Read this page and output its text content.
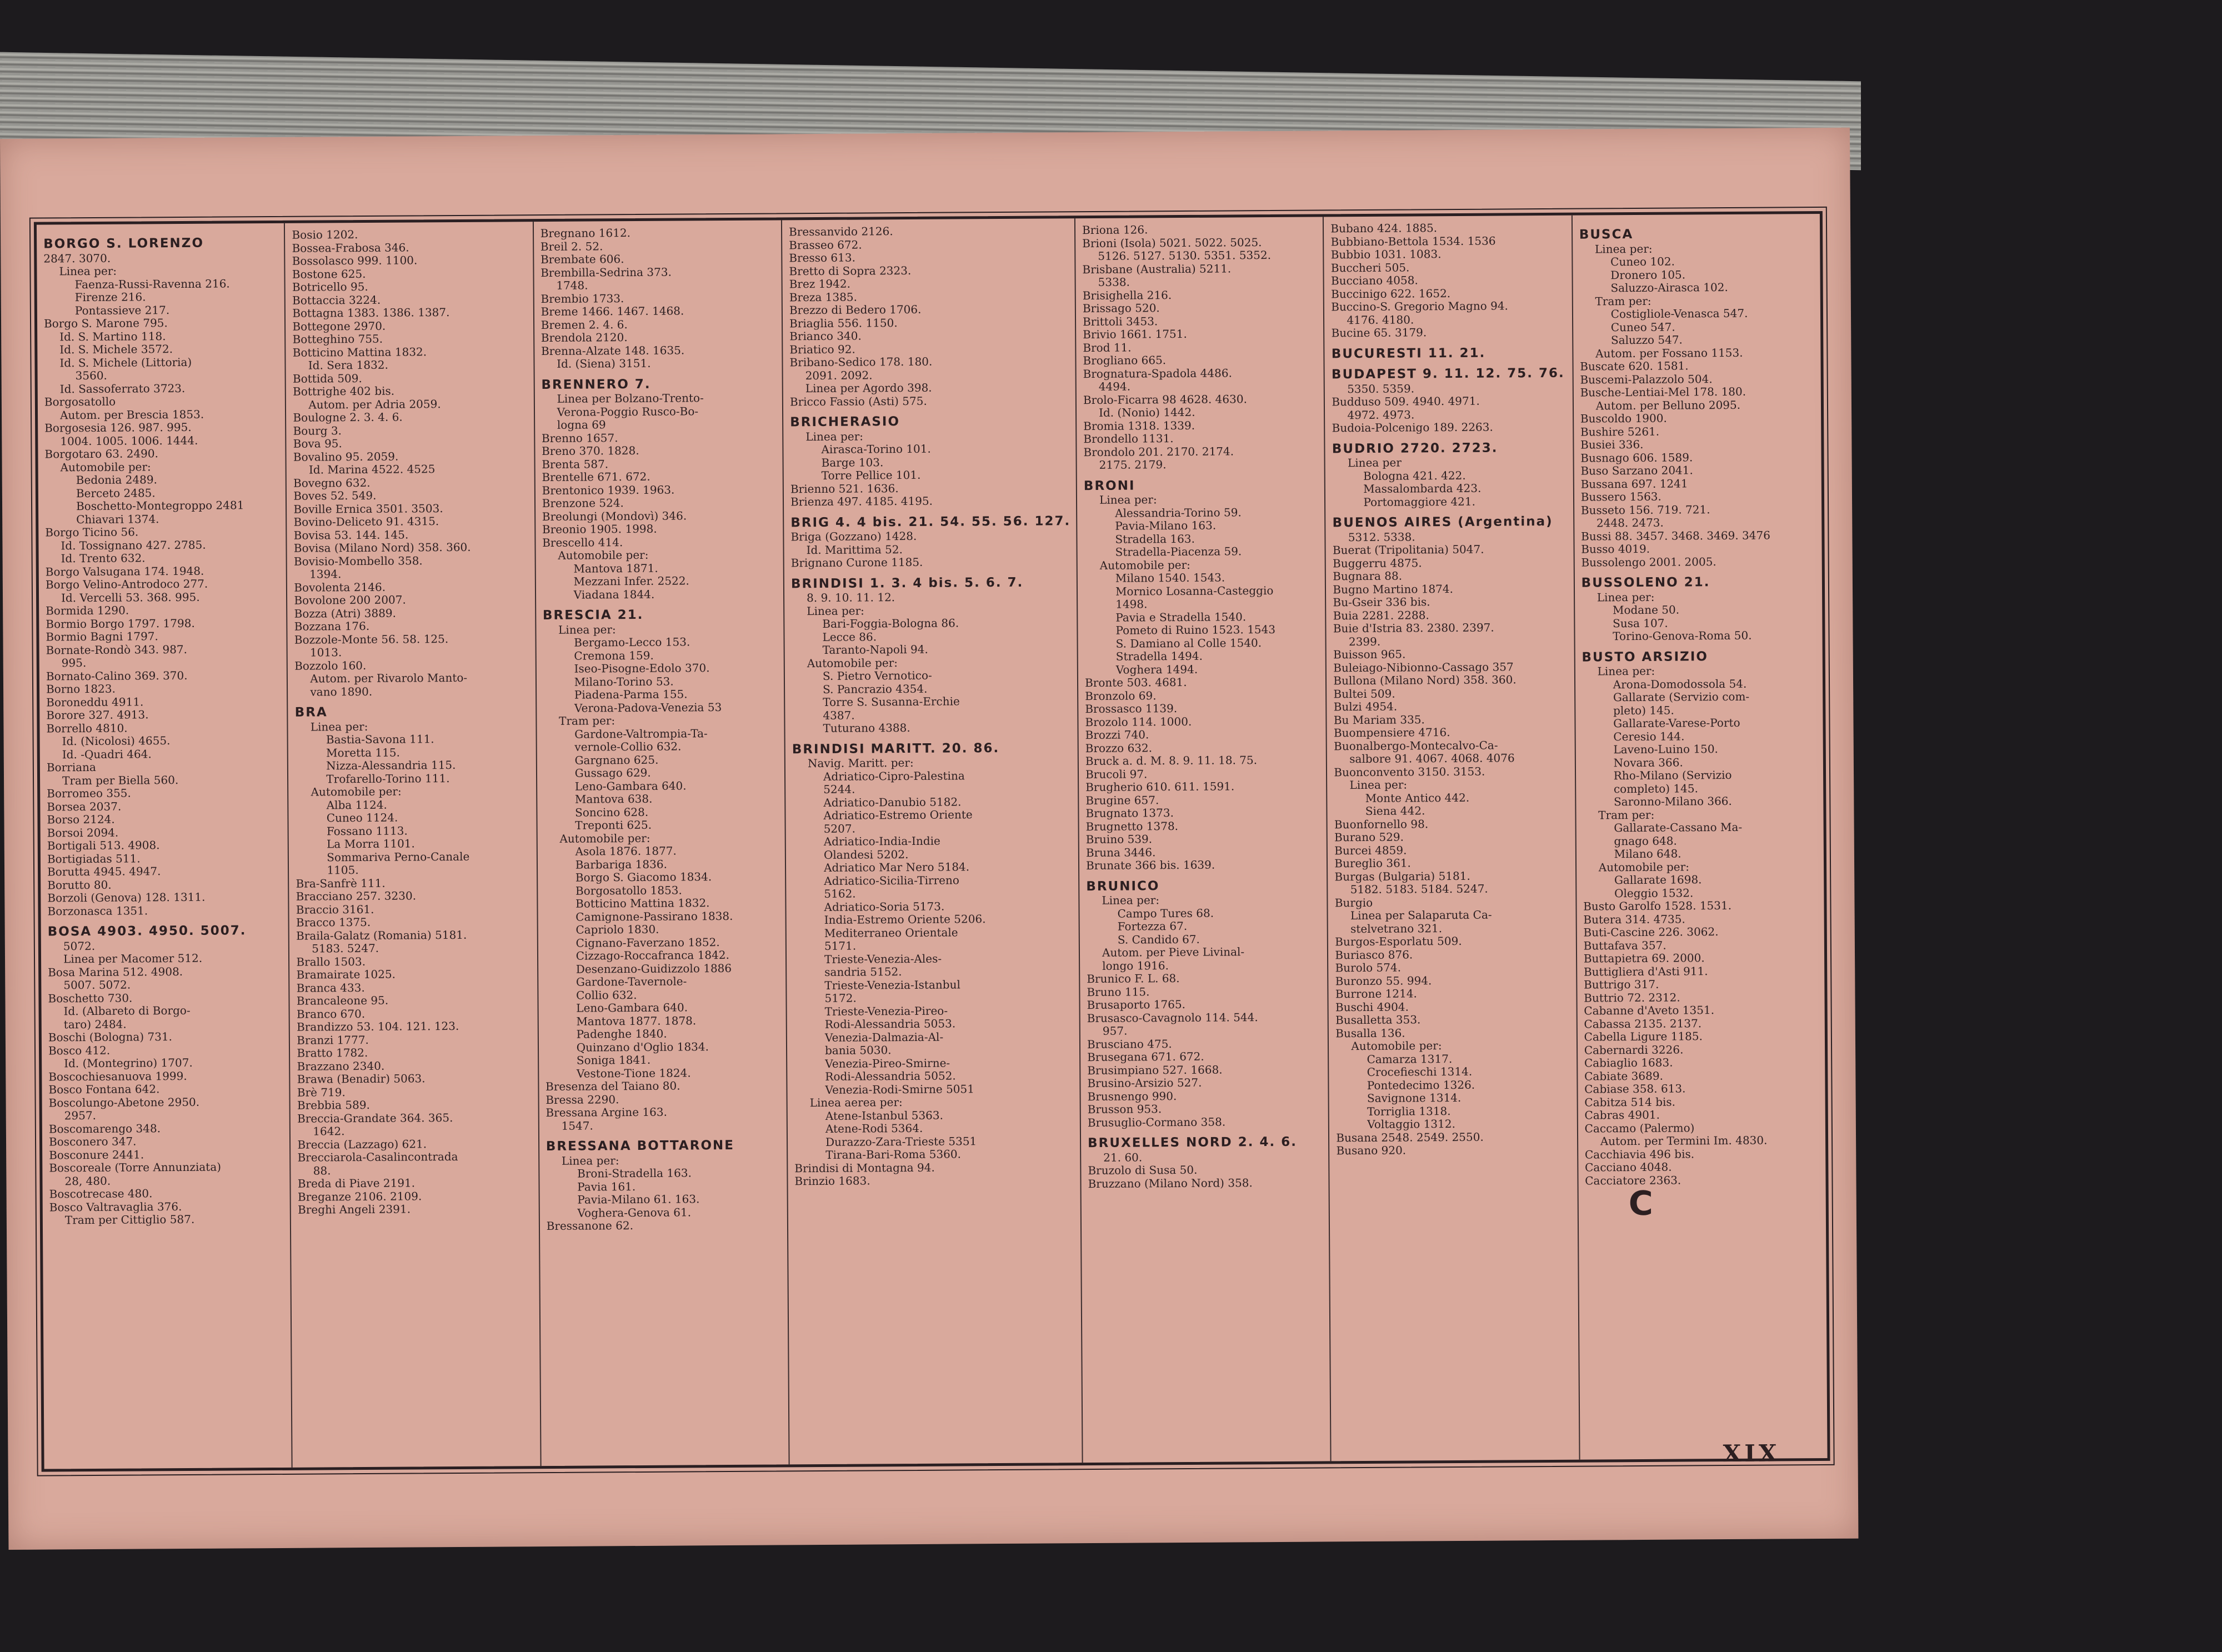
BORGO S. LORENZO
2847. 3070.
Linea per:
Faenza-Russi-Ravenna 216.
Firenze 216.
Pontassieve 217.
Borgo S. Marone 795.
Id. S. Martino 118.
Id. S. Michele 3572.
Id. S. Michele (Littoria)
3560.
Id. Sassoferrato 3723.
Borgosatollo
Autom. per Brescia 1853.
Borgosesia 126. 987. 995.
1004. 1005. 1006. 1444.
Borgotaro 63. 2490.
Automobile per:
Bedonia 2489.
Berceto 2485.
Boschetto-Montegroppo 2481
Chiavari 1374.
Borgo Ticino 56.
Id. Tossignano 427. 2785.
Id. Trento 632.
Borgo Valsugana 174. 1948.
Borgo Velino-Antrodoco 277.
Id. Vercelli 53. 368. 995.
Bormida 1290.
Bormio Borgo 1797. 1798.
Bormio Bagni 1797.
Bornate-Rondò 343. 987.
995.
Bornato-Calino 369. 370.
Borno 1823.
Boroneddu 4911.
Borore 327. 4913.
Borrello 4810.
Id. (Nicolosi) 4655.
Id. -Quadri 464.
Borriana
Tram per Biella 560.
Borromeo 355.
Borsea 2037.
Borso 2124.
Borsoi 2094.
Bortigali 513. 4908.
Bortigiadas 511.
Borutta 4945. 4947.
Borutto 80.
Borzoli (Genova) 128. 1311.
Borzonasca 1351.
BOSA 4903. 4950. 5007.
5072.
Linea per Macomer 512.
Bosa Marina 512. 4908.
5007. 5072.
Boschetto 730.
Id. (Albareto di Borgo-
taro) 2484.
Boschi (Bologna) 731.
Bosco 412.
Id. (Montegrino) 1707.
Boscochiesanuova 1999.
Bosco Fontana 642.
Boscolungo-Abetone 2950.
2957.
Boscomarengo 348.
Bosconero 347.
Bosconure 2441.
Boscoreale (Torre Annunziata)
28, 480.
Boscotrecase 480.
Bosco Valtravaglia 376.
Tram per Cittiglio 587.
Bosio 1202.
Bossea-Frabosa 346.
Bossolasco 999. 1100.
Bostone 625.
Botricello 95.
Bottaccia 3224.
Bottagna 1383. 1386. 1387.
Bottegone 2970.
Botteghino 755.
Botticino Mattina 1832.
Id. Sera 1832.
Bottida 509.
Bottrighe 402 bis.
Autom. per Adria 2059.
Boulogne 2. 3. 4. 6.
Bourg 3.
Bova 95.
Bovalino 95. 2059.
Id. Marina 4522. 4525
Bovegno 632.
Boves 52. 549.
Boville Ernica 3501. 3503.
Bovino-Deliceto 91. 4315.
Bovisa 53. 144. 145.
Bovisa (Milano Nord) 358. 360.
Bovisio-Mombello 358.
1394.
Bovolenta 2146.
Bovolone 200 2007.
Bozza (Atri) 3889.
Bozzana 176.
Bozzole-Monte 56. 58. 125.
1013.
Bozzolo 160.
Autom. per Rivarolo Manto-
vano 1890.
BRA
Linea per:
Bastia-Savona 111.
Moretta 115.
Nizza-Alessandria 115.
Trofarello-Torino 111.
Automobile per:
Alba 1124.
Cuneo 1124.
Fossano 1113.
La Morra 1101.
Sommariva Perno-Canale
1105.
Bra-Sanfrè 111.
Bracciano 257. 3230.
Braccio 3161.
Bracco 1375.
Braila-Galatz (Romania) 5181.
5183. 5247.
Brallo 1503.
Bramairate 1025.
Branca 433.
Brancaleone 95.
Branco 670.
Brandizzo 53. 104. 121. 123.
Branzi 1777.
Bratto 1782.
Brazzano 2340.
Brawa (Benadir) 5063.
Brè 719.
Brebbia 589.
Breccia-Grandate 364. 365.
1642.
Breccia (Lazzago) 621.
Brecciarola-Casalincontrada
88.
Breda di Piave 2191.
Breganze 2106. 2109.
Breghi Angeli 2391.
Bregnano 1612.
Breil 2. 52.
Brembate 606.
Brembilla-Sedrina 373.
1748.
Brembio 1733.
Breme 1466. 1467. 1468.
Bremen 2. 4. 6.
Brendola 2120.
Brenna-Alzate 148. 1635.
Id. (Siena) 3151.
BRENNERO 7.
Linea per Bolzano-Trento-
Verona-Poggio Rusco-Bo-
logna 69
Brenno 1657.
Breno 370. 1828.
Brenta 587.
Brentelle 671. 672.
Brentonico 1939. 1963.
Brenzone 524.
Breolungi (Mondovì) 346.
Breonio 1905. 1998.
Brescello 414.
Automobile per:
Mantova 1871.
Mezzani Infer. 2522.
Viadana 1844.
BRESCIA 21.
Linea per:
Bergamo-Lecco 153.
Cremona 159.
Iseo-Pisogne-Edolo 370.
Milano-Torino 53.
Piadena-Parma 155.
Verona-Padova-Venezia 53
Tram per:
Gardone-Valtrompia-Ta-
vernole-Collio 632.
Gargnano 625.
Gussago 629.
Leno-Gambara 640.
Mantova 638.
Soncino 628.
Treponti 625.
Automobile per:
Asola 1876. 1877.
Barbariga 1836.
Borgo S. Giacomo 1834.
Borgosatollo 1853.
Botticino Mattina 1832.
Camignone-Passirano 1838.
Capriolo 1830.
Cignano-Faverzano 1852.
Cizzago-Roccafranca 1842.
Desenzano-Guidizzolo 1886
Gardone-Tavernole-
Collio 632.
Leno-Gambara 640.
Mantova 1877. 1878.
Padenghe 1840.
Quinzano d'Oglio 1834.
Soniga 1841.
Vestone-Tione 1824.
Bresenza del Taiano 80.
Bressa 2290.
Bressana Argine 163.
1547.
BRESSANA BOTTARONE
Linea per:
Broni-Stradella 163.
Pavia 161.
Pavia-Milano 61. 163.
Voghera-Genova 61.
Bressanone 62.
Bressanvido 2126.
Brasseo 672.
Bresso 613.
Bretto di Sopra 2323.
Brez 1942.
Breza 1385.
Brezzo di Bedero 1706.
Briaglia 556. 1150.
Brianco 340.
Briatico 92.
Bribano-Sedico 178. 180.
2091. 2092.
Linea per Agordo 398.
Bricco Fassio (Asti) 575.
BRICHERASIO
Linea per:
Airasca-Torino 101.
Barge 103.
Torre Pellice 101.
Brienno 521. 1636.
Brienza 497. 4185. 4195.
BRIG 4. 4 bis. 21. 54. 55. 56. 127.
Briga (Gozzano) 1428.
Id. Marittima 52.
Brignano Curone 1185.
BRINDISI 1. 3. 4 bis. 5. 6. 7.
8. 9. 10. 11. 12.
Linea per:
Bari-Foggia-Bologna 86.
Lecce 86.
Taranto-Napoli 94.
Automobile per:
S. Pietro Vernotico-
S. Pancrazio 4354.
Torre S. Susanna-Erchie
4387.
Tuturano 4388.
BRINDISI MARITT. 20. 86.
Navig. Maritt. per:
Adriatico-Cipro-Palestina
5244.
Adriatico-Danubio 5182.
Adriatico-Estremo Oriente
5207.
Adriatico-India-Indie
Olandesi 5202.
Adriatico Mar Nero 5184.
Adriatico-Sicilia-Tirreno
5162.
Adriatico-Soria 5173.
India-Estremo Oriente 5206.
Mediterraneo Orientale
5171.
Trieste-Venezia-Ales-
sandria 5152.
Trieste-Venezia-Istanbul
5172.
Trieste-Venezia-Pireo-
Rodi-Alessandria 5053.
Venezia-Dalmazia-Al-
bania 5030.
Venezia-Pireo-Smirne-
Rodi-Alessandria 5052.
Venezia-Rodi-Smirne 5051
Linea aerea per:
Atene-Istanbul 5363.
Atene-Rodi 5364.
Durazzo-Zara-Trieste 5351
Tirana-Bari-Roma 5360.
Brindisi di Montagna 94.
Brinzio 1683.
Briona 126.
Brioni (Isola) 5021. 5022. 5025.
5126. 5127. 5130. 5351. 5352.
Brisbane (Australia) 5211.
5338.
Brisighella 216.
Brissago 520.
Brittoli 3453.
Brivio 1661. 1751.
Brod 11.
Brogliano 665.
Brognatura-Spadola 4486.
4494.
Brolo-Ficarra 98 4628. 4630.
Id. (Nonio) 1442.
Bromia 1318. 1339.
Brondello 1131.
Brondolo 201. 2170. 2174.
2175. 2179.
BRONI
Linea per:
Alessandria-Torino 59.
Pavia-Milano 163.
Stradella 163.
Stradella-Piacenza 59.
Automobile per:
Milano 1540. 1543.
Mornico Losanna-Casteggio
1498.
Pavia e Stradella 1540.
Pometo di Ruino 1523. 1543
S. Damiano al Colle 1540.
Stradella 1494.
Voghera 1494.
Bronte 503. 4681.
Bronzolo 69.
Brossasco 1139.
Brozolo 114. 1000.
Brozzi 740.
Brozzo 632.
Bruck a. d. M. 8. 9. 11. 18. 75.
Brucoli 97.
Brugherio 610. 611. 1591.
Brugine 657.
Brugnato 1373.
Brugnetto 1378.
Bruino 539.
Bruna 3446.
Brunate 366 bis. 1639.
BRUNICO
Linea per:
Campo Tures 68.
Fortezza 67.
S. Candido 67.
Autom. per Pieve Livinal-
longo 1916.
Brunico F. L. 68.
Bruno 115.
Brusaporto 1765.
Brusasco-Cavagnolo 114. 544.
957.
Brusciano 475.
Brusegana 671. 672.
Brusimpiano 527. 1668.
Brusino-Arsizio 527.
Brusnengo 990.
Brusson 953.
Brusuglio-Cormano 358.
BRUXELLES NORD 2. 4. 6.
21. 60.
Bruzolo di Susa 50.
Bruzzano (Milano Nord) 358.
Bubano 424. 1885.
Bubbiano-Bettola 1534. 1536
Bubbio 1031. 1083.
Buccheri 505.
Bucciano 4058.
Buccinigo 622. 1652.
Buccino-S. Gregorio Magno 94.
4176. 4180.
Bucine 65. 3179.
BUCURESTI 11. 21.
BUDAPEST 9. 11. 12. 75. 76.
5350. 5359.
Budduso 509. 4940. 4971.
4972. 4973.
Budoia-Polcenigo 189. 2263.
BUDRIO 2720. 2723.
Linea per
Bologna 421. 422.
Massalombarda 423.
Portomaggiore 421.
BUENOS AIRES (Argentina)
5312. 5338.
Buerat (Tripolitania) 5047.
Buggerru 4875.
Bugnara 88.
Bugno Martino 1874.
Bu-Gseir 336 bis.
Buia 2281. 2288.
Buie d'Istria 83. 2380. 2397.
2399.
Buisson 965.
Buleiago-Nibionno-Cassago 357
Bullona (Milano Nord) 358. 360.
Bultei 509.
Bulzi 4954.
Bu Mariam 335.
Buompensiere 4716.
Buonalbergo-Montecalvo-Ca-
salbore 91. 4067. 4068. 4076
Buonconvento 3150. 3153.
Linea per:
Monte Antico 442.
Siena 442.
Buonfornello 98.
Burano 529.
Burcei 4859.
Bureglio 361.
Burgas (Bulgaria) 5181.
5182. 5183. 5184. 5247.
Burgio
Linea per Salaparuta Ca-
stelvetrano 321.
Burgos-Esporlatu 509.
Buriasco 876.
Burolo 574.
Buronzo 55. 994.
Burrone 1214.
Buschi 4904.
Busalletta 353.
Busalla 136.
Automobile per:
Camarza 1317.
Crocefieschi 1314.
Pontedecimo 1326.
Savignone 1314.
Torriglia 1318.
Voltaggio 1312.
Busana 2548. 2549. 2550.
Busano 920.
BUSCA
Linea per:
Cuneo 102.
Dronero 105.
Saluzzo-Airasca 102.
Tram per:
Costigliole-Venasca 547.
Cuneo 547.
Saluzzo 547.
Autom. per Fossano 1153.
Buscate 620. 1581.
Buscemi-Palazzolo 504.
Busche-Lentiai-Mel 178. 180.
Autom. per Belluno 2095.
Buscoldo 1900.
Bushire 5261.
Busiei 336.
Busnago 606. 1589.
Buso Sarzano 2041.
Bussana 697. 1241
Bussero 1563.
Busseto 156. 719. 721.
2448. 2473.
Bussi 88. 3457. 3468. 3469. 3476
Busso 4019.
Bussolengo 2001. 2005.
BUSSOLENO 21.
Linea per:
Modane 50.
Susa 107.
Torino-Genova-Roma 50.
BUSTO ARSIZIO
Linea per:
Arona-Domodossola 54.
Gallarate (Servizio com-
pleto) 145.
Gallarate-Varese-Porto
Ceresio 144.
Laveno-Luino 150.
Novara 366.
Rho-Milano (Servizio
completo) 145.
Saronno-Milano 366.
Tram per:
Gallarate-Cassano Ma-
gnago 648.
Milano 648.
Automobile per:
Gallarate 1698.
Oleggio 1532.
Busto Garolfo 1528. 1531.
Butera 314. 4735.
Buti-Cascine 226. 3062.
Buttafava 357.
Buttapietra 69. 2000.
Buttigliera d'Asti 911.
Buttrigo 317.
Buttrio 72. 2312.
Cabanne d'Aveto 1351.
Cabassa 2135. 2137.
Cabella Ligure 1185.
Cabernardi 3226.
Cabiaglio 1683.
Cabiate 3689.
Cabiase 358. 613.
Cabitza 514 bis.
Cabras 4901.
Caccamo (Palermo)
Autom. per Termini Im. 4830.
Cacchiavia 496 bis.
Cacciano 4048.
Cacciatore 2363.
C
XIX
